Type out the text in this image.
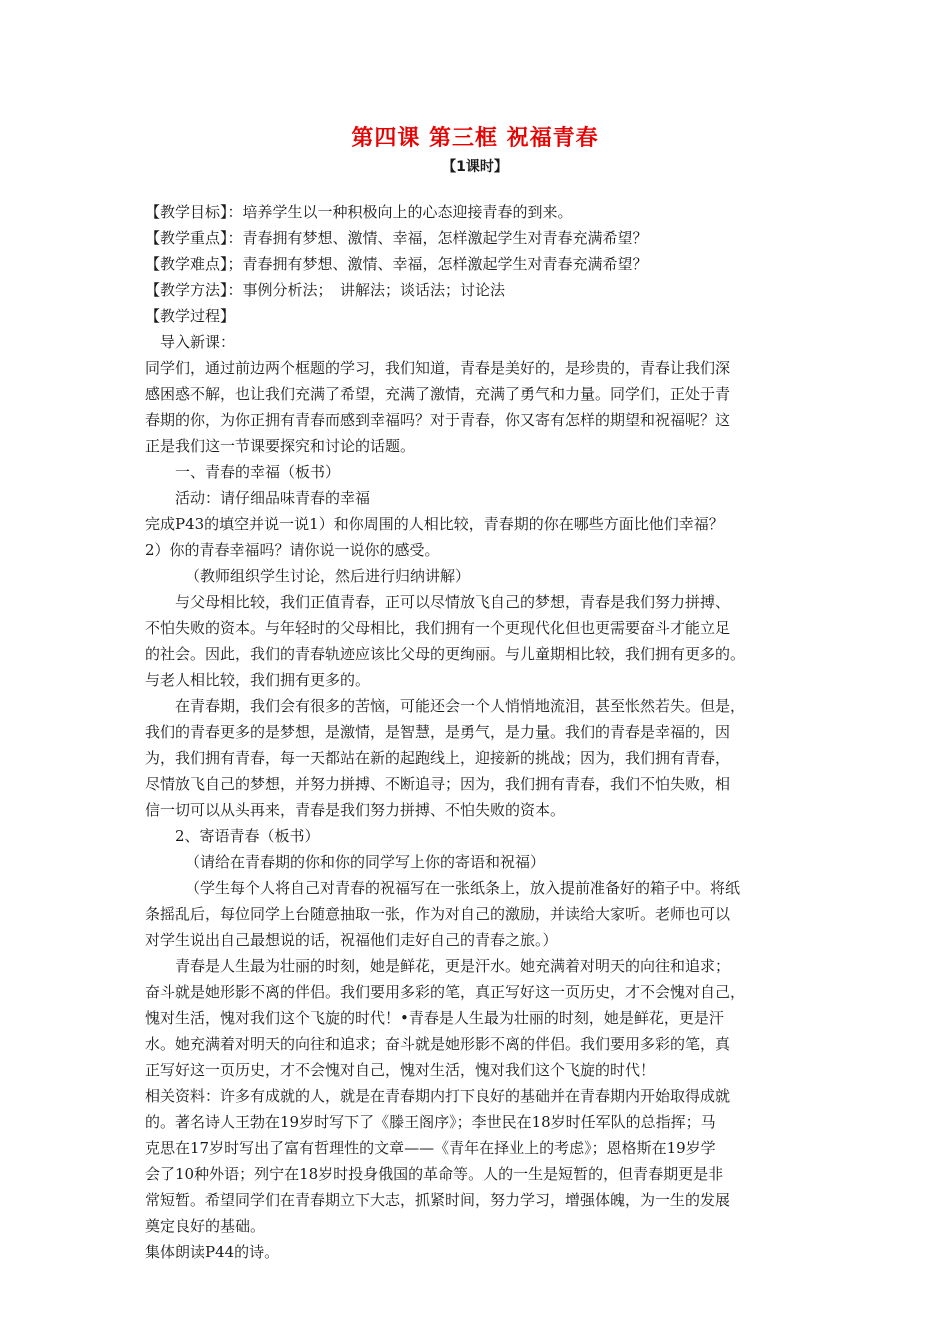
第四课 第三框 祝福青春
【1课时】

【教学目标】：培养学生以一种积极向上的心态迎接青春的到来。

【教学重点】：青春拥有梦想、激情、幸福，怎样激起学生对青春充满希望？

【教学难点】；青春拥有梦想、激情、幸福，怎样激起学生对青春充满希望？

【教学方法】：事例分析法；　讲解法；谈话法；讨论法

【教学过程】

导入新课：

同学们，通过前边两个框题的学习，我们知道，青春是美好的，是珍贵的，青春让我们深

感困惑不解，也让我们充满了希望，充满了激情，充满了勇气和力量。同学们，正处于青

春期的你，为你正拥有青春而感到幸福吗？对于青春，你又寄有怎样的期望和祝福呢？这

正是我们这一节课要探究和讨论的话题。

一、青春的幸福（板书）

活动：请仔细品味青春的幸福

完成P43的填空并说一说1）和你周围的人相比较，青春期的你在哪些方面比他们幸福？

2）你的青春幸福吗？请你说一说你的感受。

（教师组织学生讨论，然后进行归纳讲解）

与父母相比较，我们正值青春，正可以尽情放飞自己的梦想，青春是我们努力拼搏、

不怕失败的资本。与年轻时的父母相比，我们拥有一个更现代化但也更需要奋斗才能立足

的社会。因此，我们的青春轨迹应该比父母的更绚丽。与儿童期相比较，我们拥有更多的。

与老人相比较，我们拥有更多的。

在青春期，我们会有很多的苦恼，可能还会一个人悄悄地流泪，甚至怅然若失。但是，

我们的青春更多的是梦想，是激情，是智慧，是勇气，是力量。我们的青春是幸福的，因

为，我们拥有青春，每一天都站在新的起跑线上，迎接新的挑战；因为，我们拥有青春，

尽情放飞自己的梦想，并努力拼搏、不断追寻；因为，我们拥有青春，我们不怕失败，相

信一切可以从头再来，青春是我们努力拼搏、不怕失败的资本。

2、寄语青春（板书）

（请给在青春期的你和你的同学写上你的寄语和祝福）

（学生每个人将自己对青春的祝福写在一张纸条上，放入提前准备好的箱子中。将纸

条摇乱后，每位同学上台随意抽取一张，作为对自己的激励，并读给大家听。老师也可以

对学生说出自己最想说的话，祝福他们走好自己的青春之旅。）

青春是人生最为壮丽的时刻，她是鲜花，更是汗水。她充满着对明天的向往和追求；

奋斗就是她形影不离的伴侣。我们要用多彩的笔，真正写好这一页历史，才不会愧对自己，

愧对生活，愧对我们这个飞旋的时代！•青春是人生最为壮丽的时刻，她是鲜花，更是汗

水。她充满着对明天的向往和追求；奋斗就是她形影不离的伴侣。我们要用多彩的笔，真

正写好这一页历史，才不会愧对自己，愧对生活，愧对我们这个飞旋的时代！

相关资料：许多有成就的人，就是在青春期内打下良好的基础并在青春期内开始取得成就

的。著名诗人王勃在19岁时写下了《滕王阁序》；李世民在18岁时任军队的总指挥；马

克思在17岁时写出了富有哲理性的文章——《青年在择业上的考虑》；恩格斯在19岁学

会了10种外语；列宁在18岁时投身俄国的革命等。人的一生是短暂的，但青春期更是非

常短暂。希望同学们在青春期立下大志，抓紧时间，努力学习，增强体魄，为一生的发展

奠定良好的基础。

集体朗读P44的诗。
